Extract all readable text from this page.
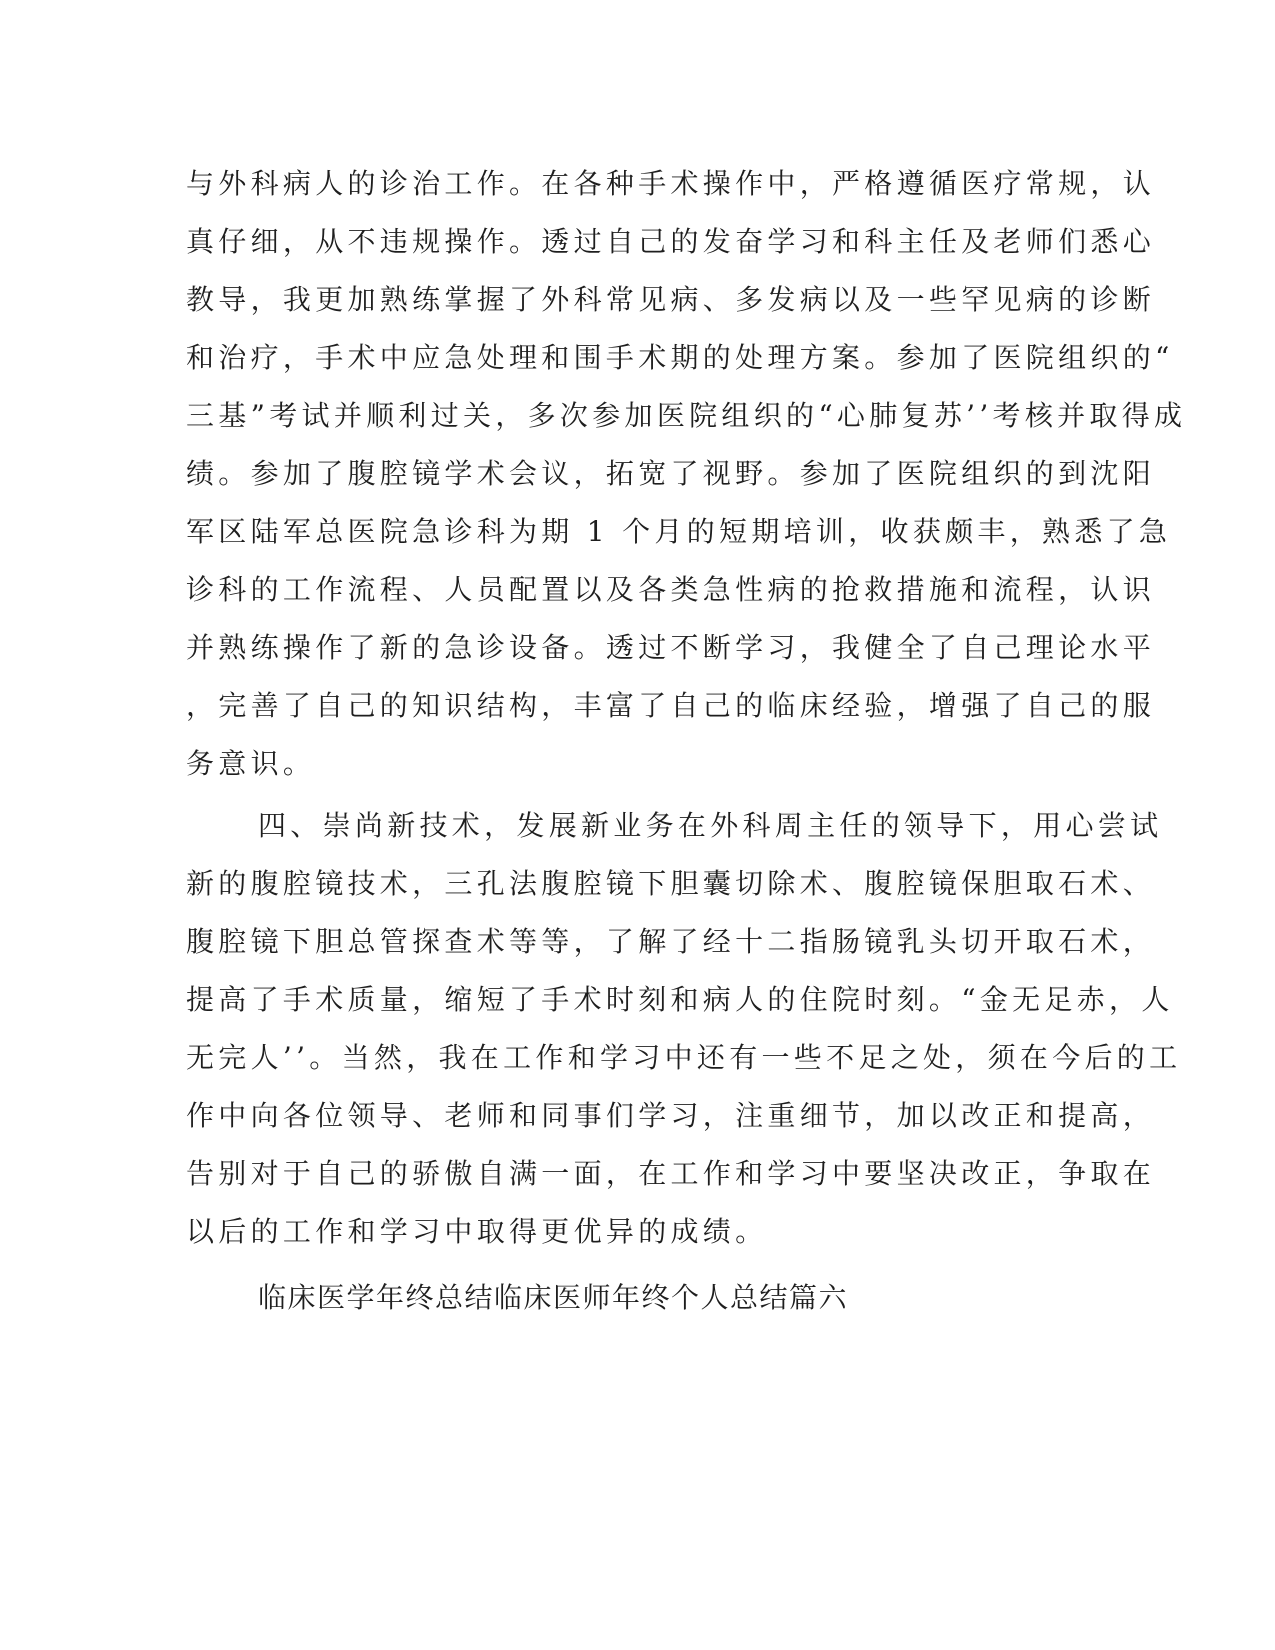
与外科病人的诊治工作。在各种手术操作中，严格遵循医疗常规，认
真仔细，从不违规操作。透过自己的发奋学习和科主任及老师们悉心
教导，我更加熟练掌握了外科常见病、多发病以及一些罕见病的诊断
和治疗，手术中应急处理和围手术期的处理方案。参加了医院组织的“
三基”考试并顺利过关，多次参加医院组织的“心肺复苏’’考核并取得成
绩。参加了腹腔镜学术会议，拓宽了视野。参加了医院组织的到沈阳
军区陆军总医院急诊科为期 1 个月的短期培训，收获颇丰，熟悉了急
诊科的工作流程、人员配置以及各类急性病的抢救措施和流程，认识
并熟练操作了新的急诊设备。透过不断学习，我健全了自己理论水平
，完善了自己的知识结构，丰富了自己的临床经验，增强了自己的服
务意识。
四、崇尚新技术，发展新业务在外科周主任的领导下，用心尝试
新的腹腔镜技术，三孔法腹腔镜下胆囊切除术、腹腔镜保胆取石术、
腹腔镜下胆总管探查术等等，了解了经十二指肠镜乳头切开取石术，
提高了手术质量，缩短了手术时刻和病人的住院时刻。“金无足赤，人
无完人’’。当然，我在工作和学习中还有一些不足之处，须在今后的工
作中向各位领导、老师和同事们学习，注重细节，加以改正和提高，
告别对于自己的骄傲自满一面，在工作和学习中要坚决改正，争取在
以后的工作和学习中取得更优异的成绩。
临床医学年终总结临床医师年终个人总结篇六
